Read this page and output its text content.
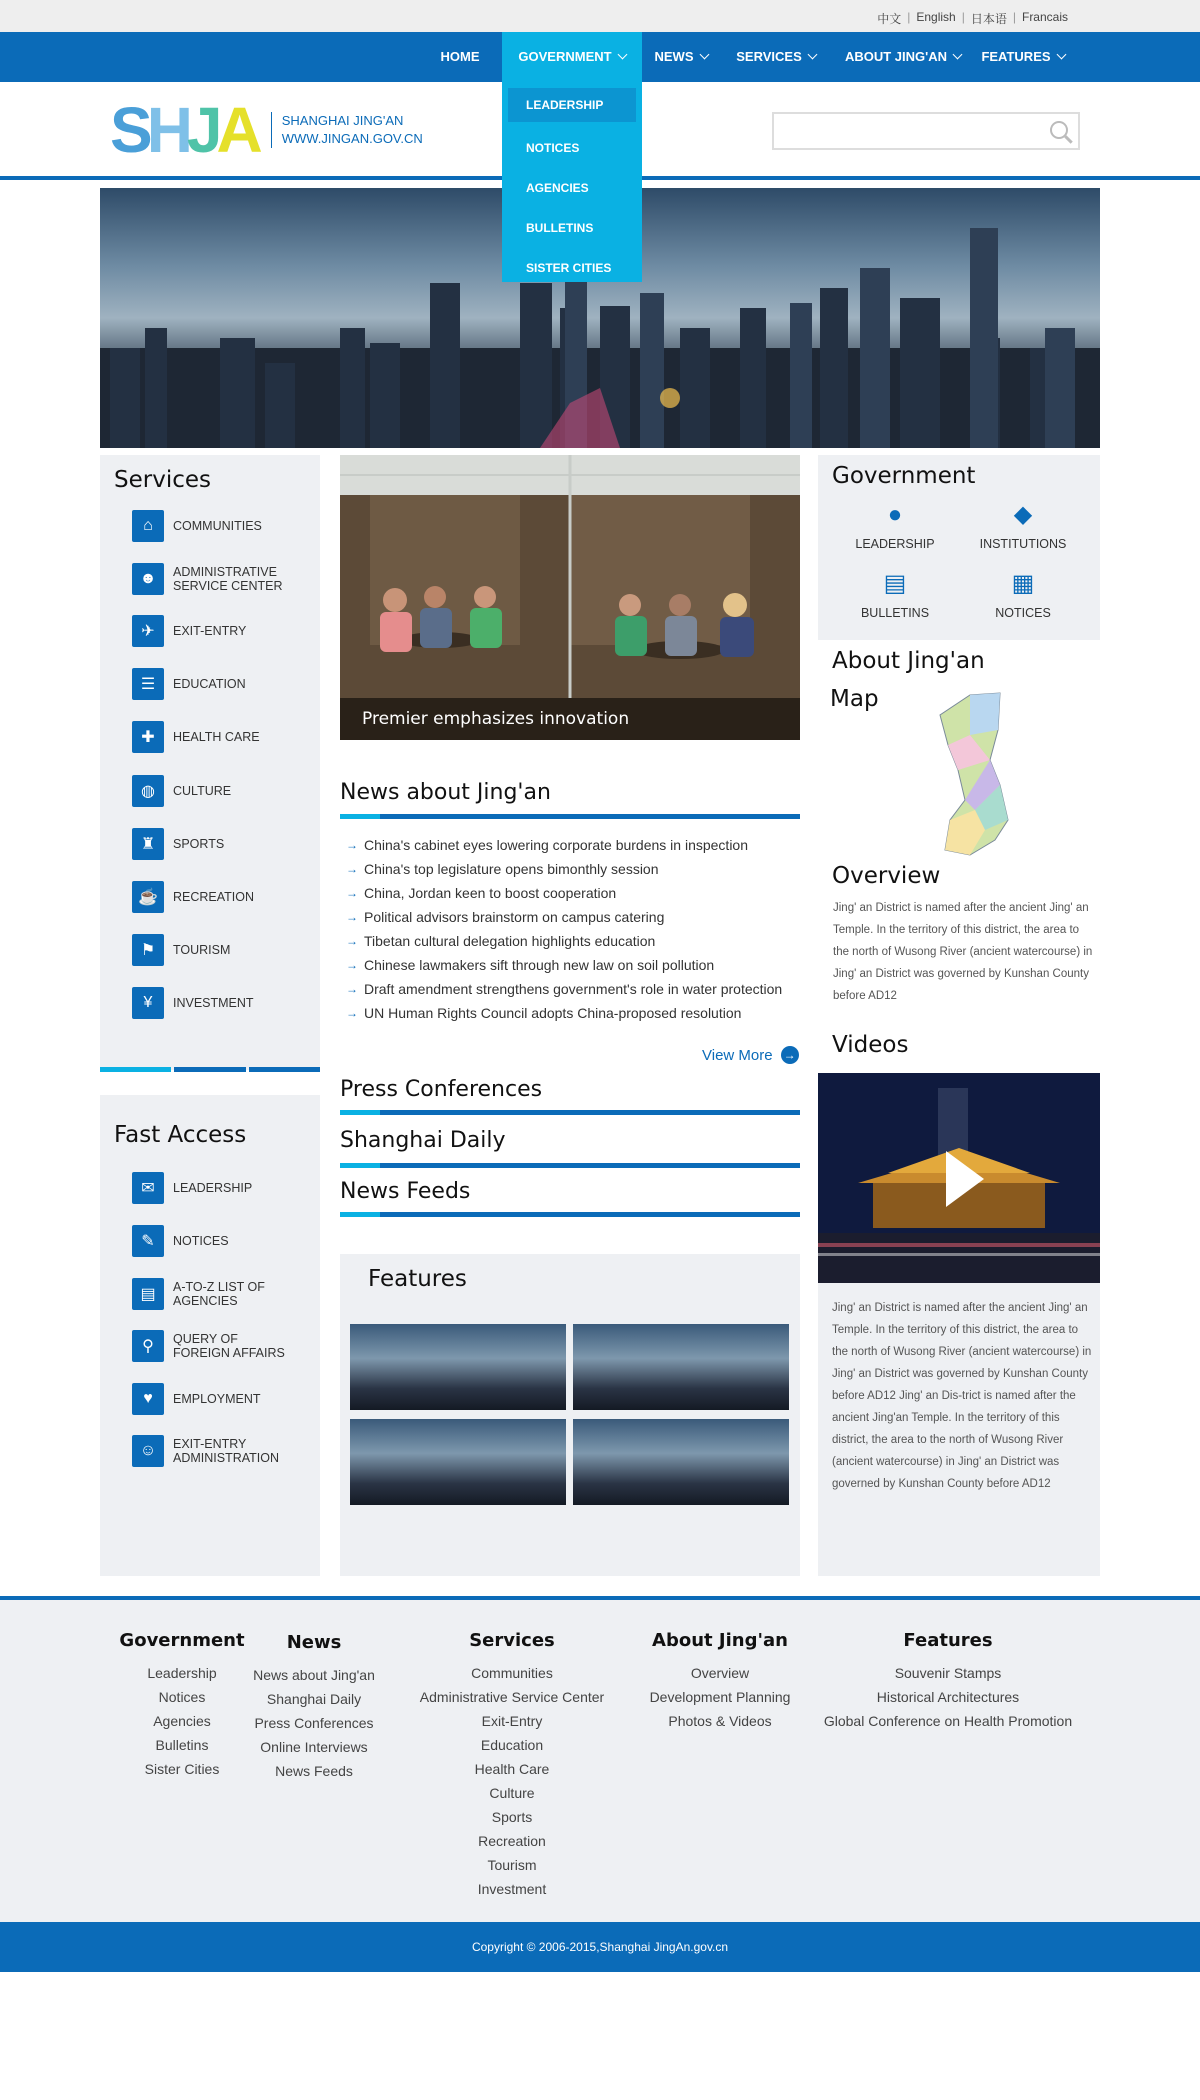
中文 | English | 日本语 | Francais
HOME	GOVERNMENT	NEWS	SERVICES	ABOUT JING'AN	FEATURES
SHJA SHANGHAI JING'AN
WWW.JINGAN.GOV.CN
LEADERSHIP
NOTICES
AGENCIES
BULLETINS
SISTER CITIES
Services
⌂	COMMUNITIES
☻	ADMINISTRATIVE SERVICE CENTER
✈	EXIT-ENTRY
☰	EDUCATION
✚	HEALTH CARE
◍	CULTURE
♜	SPORTS
☕	RECREATION
⚑	TOURISM
¥	INVESTMENT
Fast Access
✉	LEADERSHIP
✎	NOTICES
▤	A-TO-Z LIST OF AGENCIES
⚲	QUERY OF FOREIGN AFFAIRS
♥	EMPLOYMENT
☺	EXIT-ENTRY ADMINISTRATION
Premier emphasizes innovation
News about Jing'an
→ China's cabinet eyes lowering corporate burdens in inspection
→ China's top legislature opens bimonthly session
→ China, Jordan keen to boost cooperation
→ Political advisors brainstorm on campus catering
→ Tibetan cultural delegation highlights education
→ Chinese lawmakers sift through new law on soil pollution
→ Draft amendment strengthens government's role in water protection
→ UN Human Rights Council adopts China-proposed resolution
View More →
Press Conferences
Shanghai Daily
News Feeds
Features
Government
●
LEADERSHIP
◆
INSTITUTIONS
▤
BULLETINS
▦
NOTICES
About Jing'an
Map
Overview
Jing' an District is named after the ancient Jing' an Temple. In the territory of this district, the area to the north of Wusong River (ancient watercourse) in Jing' an District was governed by Kunshan County before AD12
Videos
Jing' an District is named after the ancient Jing' an Temple. In the territory of this district, the area to the north of Wusong River (ancient watercourse) in Jing' an District was governed by Kunshan County before AD12 Jing' an Dis-trict is named after the ancient Jing'an Temple. In the territory of this district, the area to the north of Wusong River (ancient watercourse) in Jing' an District was governed by Kunshan County before AD12
Government
Leadership
Notices
Agencies
Bulletins
Sister Cities
News
News about Jing'an
Shanghai Daily
Press Conferences
Online Interviews
News Feeds
Services
Communities
Administrative Service Center
Exit-Entry
Education
Health Care
Culture
Sports
Recreation
Tourism
Investment
About Jing'an
Overview
Development Planning
Photos & Videos
Features
Souvenir Stamps
Historical Architectures
Global Conference on Health Promotion
Copyright © 2006-2015,Shanghai JingAn.gov.cn
